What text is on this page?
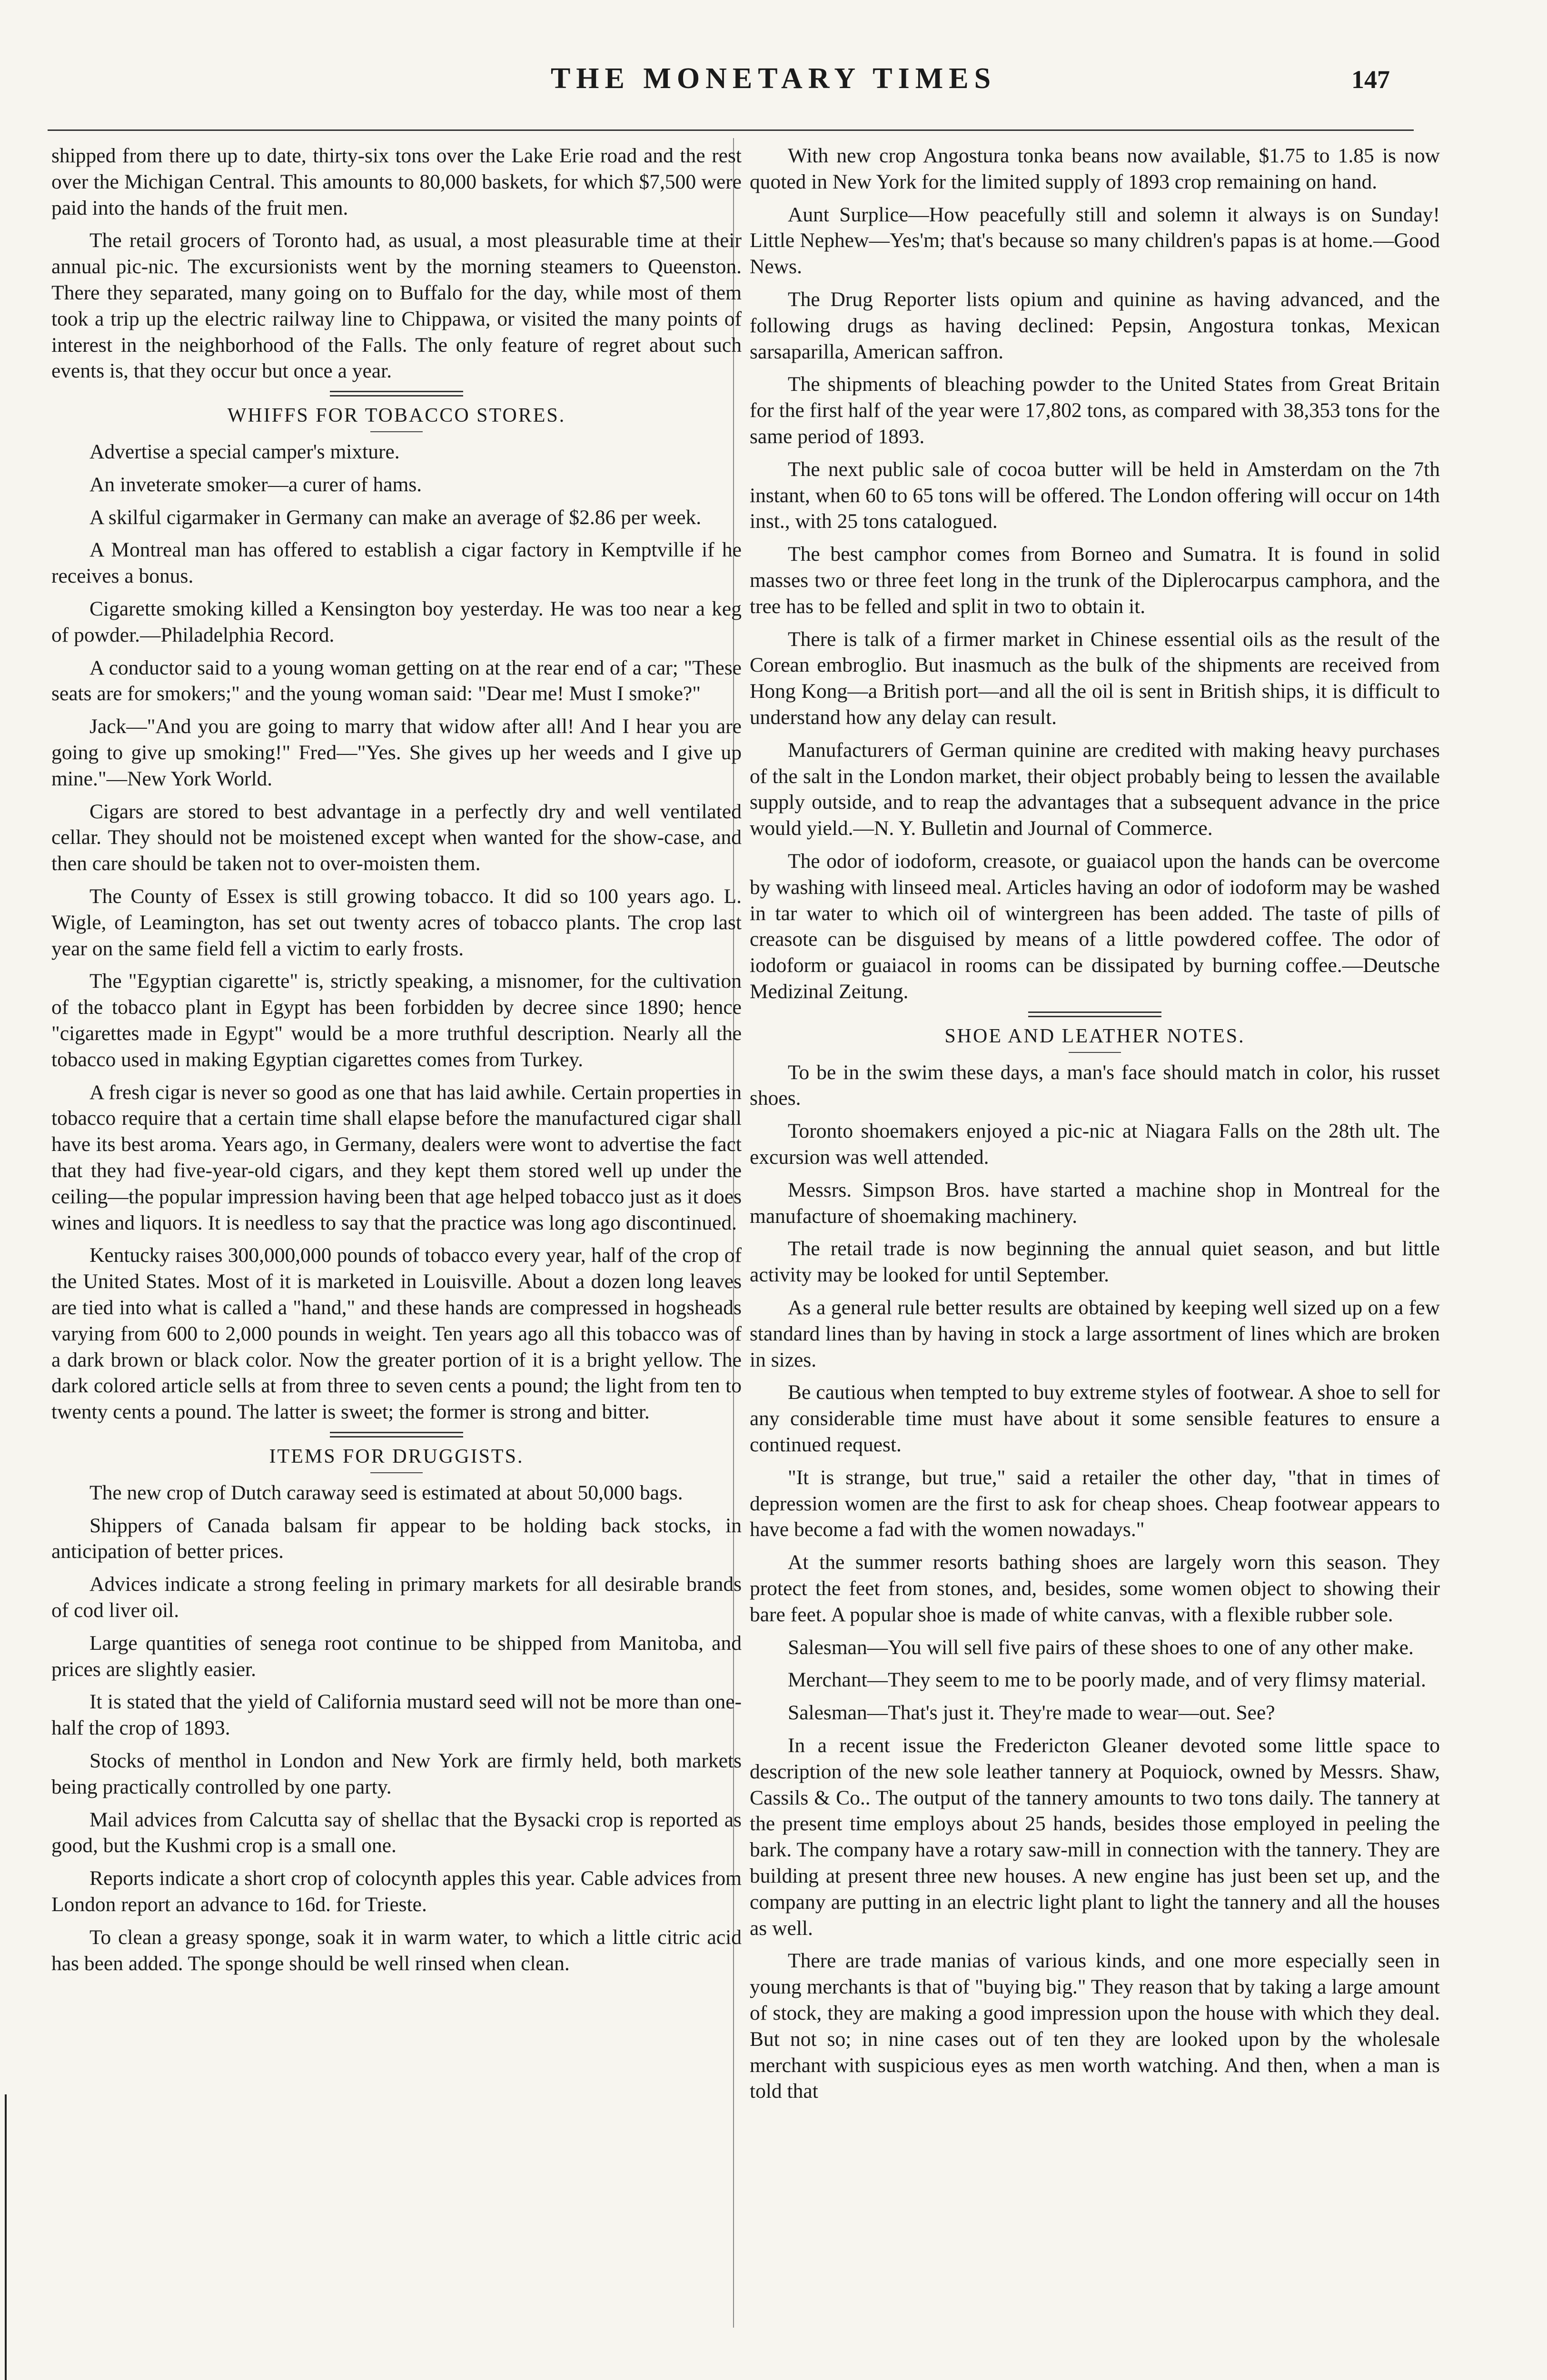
THE MONETARY TIMES	147

shipped from there up to date, thirty-six tons over the Lake Erie road and the rest over the Michigan Central. This amounts to 80,000 baskets, for which $7,500 were paid into the hands of the fruit men.

The retail grocers of Toronto had, as usual, a most pleasurable time at their annual pic-nic. The excursionists went by the morning steamers to Queenston. There they separated, many going on to Buffalo for the day, while most of them took a trip up the electric railway line to Chippawa, or visited the many points of interest in the neighborhood of the Falls. The only feature of regret about such events is, that they occur but once a year.

WHIFFS FOR TOBACCO STORES.

Advertise a special camper's mixture.

An inveterate smoker—a curer of hams.

A skilful cigarmaker in Germany can make an average of $2.86 per week.

A Montreal man has offered to establish a cigar factory in Kemptville if he receives a bonus.

Cigarette smoking killed a Kensington boy yesterday. He was too near a keg of powder.—Philadelphia Record.

A conductor said to a young woman getting on at the rear end of a car; "These seats are for smokers;" and the young woman said: "Dear me! Must I smoke?"

Jack—"And you are going to marry that widow after all! And I hear you are going to give up smoking!" Fred—"Yes. She gives up her weeds and I give up mine."—New York World.

Cigars are stored to best advantage in a perfectly dry and well ventilated cellar. They should not be moistened except when wanted for the show-case, and then care should be taken not to over-moisten them.

The County of Essex is still growing tobacco. It did so 100 years ago. L. Wigle, of Leamington, has set out twenty acres of tobacco plants. The crop last year on the same field fell a victim to early frosts.

The "Egyptian cigarette" is, strictly speaking, a misnomer, for the cultivation of the tobacco plant in Egypt has been forbidden by decree since 1890; hence "cigarettes made in Egypt" would be a more truthful description. Nearly all the tobacco used in making Egyptian cigarettes comes from Turkey.

A fresh cigar is never so good as one that has laid awhile. Certain properties in tobacco require that a certain time shall elapse before the manufactured cigar shall have its best aroma. Years ago, in Germany, dealers were wont to advertise the fact that they had five-year-old cigars, and they kept them stored well up under the ceiling—the popular impression having been that age helped tobacco just as it does wines and liquors. It is needless to say that the practice was long ago discontinued.

Kentucky raises 300,000,000 pounds of tobacco every year, half of the crop of the United States. Most of it is marketed in Louisville. About a dozen long leaves are tied into what is called a "hand," and these hands are compressed in hogsheads varying from 600 to 2,000 pounds in weight. Ten years ago all this tobacco was of a dark brown or black color. Now the greater portion of it is a bright yellow. The dark colored article sells at from three to seven cents a pound; the light from ten to twenty cents a pound. The latter is sweet; the former is strong and bitter.

ITEMS FOR DRUGGISTS.

The new crop of Dutch caraway seed is estimated at about 50,000 bags.

Shippers of Canada balsam fir appear to be holding back stocks, in anticipation of better prices.

Advices indicate a strong feeling in primary markets for all desirable brands of cod liver oil.

Large quantities of senega root continue to be shipped from Manitoba, and prices are slightly easier.

It is stated that the yield of California mustard seed will not be more than one-half the crop of 1893.

Stocks of menthol in London and New York are firmly held, both markets being practically controlled by one party.

Mail advices from Calcutta say of shellac that the Bysacki crop is reported as good, but the Kushmi crop is a small one.

Reports indicate a short crop of colocynth apples this year. Cable advices from London report an advance to 16d. for Trieste.

To clean a greasy sponge, soak it in warm water, to which a little citric acid has been added. The sponge should be well rinsed when clean.

With new crop Angostura tonka beans now available, $1.75 to 1.85 is now quoted in New York for the limited supply of 1893 crop remaining on hand.

Aunt Surplice—How peacefully still and solemn it always is on Sunday! Little Nephew—Yes'm; that's because so many children's papas is at home.—Good News.

The Drug Reporter lists opium and quinine as having advanced, and the following drugs as having declined: Pepsin, Angostura tonkas, Mexican sarsaparilla, American saffron.

The shipments of bleaching powder to the United States from Great Britain for the first half of the year were 17,802 tons, as compared with 38,353 tons for the same period of 1893.

The next public sale of cocoa butter will be held in Amsterdam on the 7th instant, when 60 to 65 tons will be offered. The London offering will occur on 14th inst., with 25 tons catalogued.

The best camphor comes from Borneo and Sumatra. It is found in solid masses two or three feet long in the trunk of the Diplerocarpus camphora, and the tree has to be felled and split in two to obtain it.

There is talk of a firmer market in Chinese essential oils as the result of the Corean embroglio. But inasmuch as the bulk of the shipments are received from Hong Kong—a British port—and all the oil is sent in British ships, it is difficult to understand how any delay can result.

Manufacturers of German quinine are credited with making heavy purchases of the salt in the London market, their object probably being to lessen the available supply outside, and to reap the advantages that a subsequent advance in the price would yield.—N. Y. Bulletin and Journal of Commerce.

The odor of iodoform, creasote, or guaiacol upon the hands can be overcome by washing with linseed meal. Articles having an odor of iodoform may be washed in tar water to which oil of wintergreen has been added. The taste of pills of creasote can be disguised by means of a little powdered coffee. The odor of iodoform or guaiacol in rooms can be dissipated by burning coffee.—Deutsche Medizinal Zeitung.

SHOE AND LEATHER NOTES.

To be in the swim these days, a man's face should match in color, his russet shoes.

Toronto shoemakers enjoyed a pic-nic at Niagara Falls on the 28th ult. The excursion was well attended.

Messrs. Simpson Bros. have started a machine shop in Montreal for the manufacture of shoemaking machinery.

The retail trade is now beginning the annual quiet season, and but little activity may be looked for until September.

As a general rule better results are obtained by keeping well sized up on a few standard lines than by having in stock a large assortment of lines which are broken in sizes.

Be cautious when tempted to buy extreme styles of footwear. A shoe to sell for any considerable time must have about it some sensible features to ensure a continued request.

"It is strange, but true," said a retailer the other day, "that in times of depression women are the first to ask for cheap shoes. Cheap footwear appears to have become a fad with the women nowadays."

At the summer resorts bathing shoes are largely worn this season. They protect the feet from stones, and, besides, some women object to showing their bare feet. A popular shoe is made of white canvas, with a flexible rubber sole.

Salesman—You will sell five pairs of these shoes to one of any other make.

Merchant—They seem to me to be poorly made, and of very flimsy material.

Salesman—That's just it. They're made to wear—out. See?

In a recent issue the Fredericton Gleaner devoted some little space to description of the new sole leather tannery at Poquiock, owned by Messrs. Shaw, Cassils & Co.. The output of the tannery amounts to two tons daily. The tannery at the present time employs about 25 hands, besides those employed in peeling the bark. The company have a rotary saw-mill in connection with the tannery. They are building at present three new houses. A new engine has just been set up, and the company are putting in an electric light plant to light the tannery and all the houses as well.

There are trade manias of various kinds, and one more especially seen in young merchants is that of "buying big." They reason that by taking a large amount of stock, they are making a good impression upon the house with which they deal. But not so; in nine cases out of ten they are looked upon by the wholesale merchant with suspicious eyes as men worth watching. And then, when a man is told that
